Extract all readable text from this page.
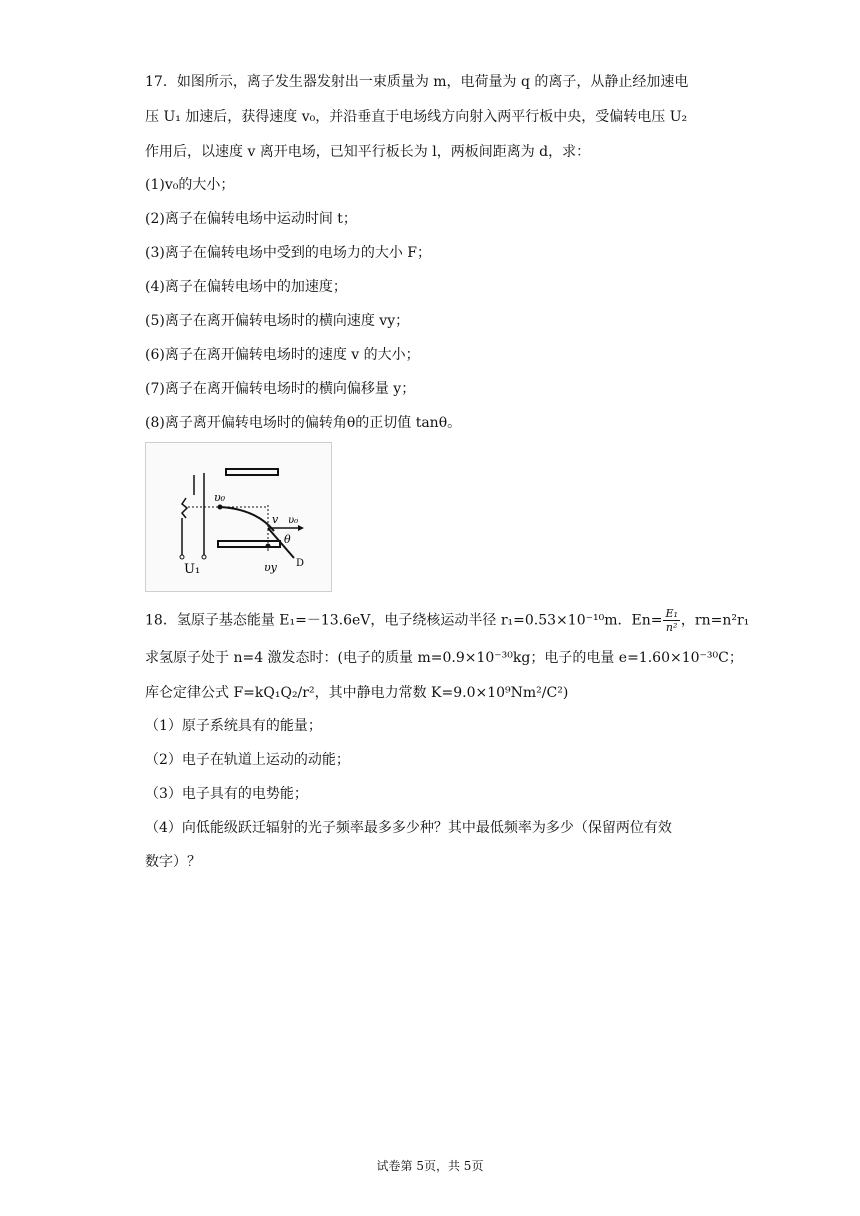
17．如图所示，离子发生器发射出一束质量为 m，电荷量为 q 的离子，从静止经加速电
压 U₁ 加速后，获得速度 v₀，并沿垂直于电场线方向射入两平行板中央，受偏转电压 U₂
作用后，以速度 v 离开电场，已知平行板长为 l，两板间距离为 d，求：
(1)v₀的大小；
(2)离子在偏转电场中运动时间 t；
(3)离子在偏转电场中受到的电场力的大小 F；
(4)离子在偏转电场中的加速度；
(5)离子在离开偏转电场时的横向速度 vy；
(6)离子在离开偏转电场时的速度 v 的大小；
(7)离子在离开偏转电场时的横向偏移量 y；
(8)离子离开偏转电场时的偏转角θ的正切值 tanθ。
υ₀
v υ₀
θ
D
υy
U₁
18．氢原子基态能量 E₁=－13.6eV，电子绕核运动半径 r₁=0.53×10⁻¹⁰m．$En= \frac{\text{E₁}}{\text{n²}}$ ，rn=n²r₁
求氢原子处于 n=4 激发态时：(电子的质量 m=0.9×10⁻³⁰kg；电子的电量 e=1.60×10⁻³⁰C；
库仑定律公式 F=kQ₁Q₂/r²，其中静电力常数 K=9.0×10⁹Nm²/C²)
（1）原子系统具有的能量；
（2）电子在轨道上运动的动能；
（3）电子具有的电势能；
（4）向低能级跃迁辐射的光子频率最多多少种？其中最低频率为多少（保留两位有效
数字）？
试卷第 5页，共 5页
